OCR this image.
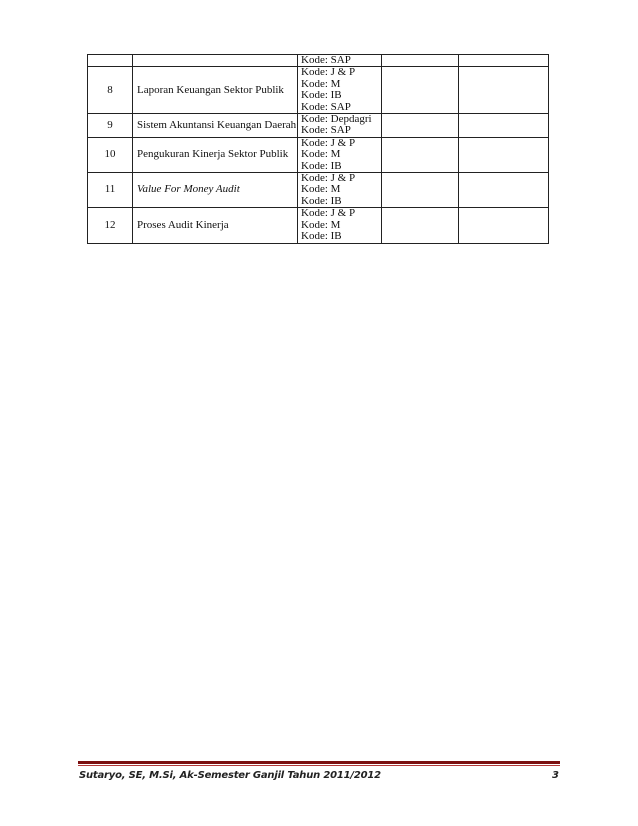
		Kode: SAP		

8	Laporan Keuangan Sektor Publik	Kode: J & P
Kode: M
Kode: IB
Kode: SAP		

9	Sistem Akuntansi Keuangan Daerah	Kode: Depdagri
Kode: SAP		

10	Pengukuran Kinerja Sektor Publik	Kode: J & P
Kode: M
Kode: IB		

11	Value For Money Audit	Kode: J & P
Kode: M
Kode: IB		

12	Proses Audit Kinerja	Kode: J & P
Kode: M
Kode: IB		

Sutaryo, SE, M.Si, Ak-Semester Ganjil Tahun 2011/2012	3
